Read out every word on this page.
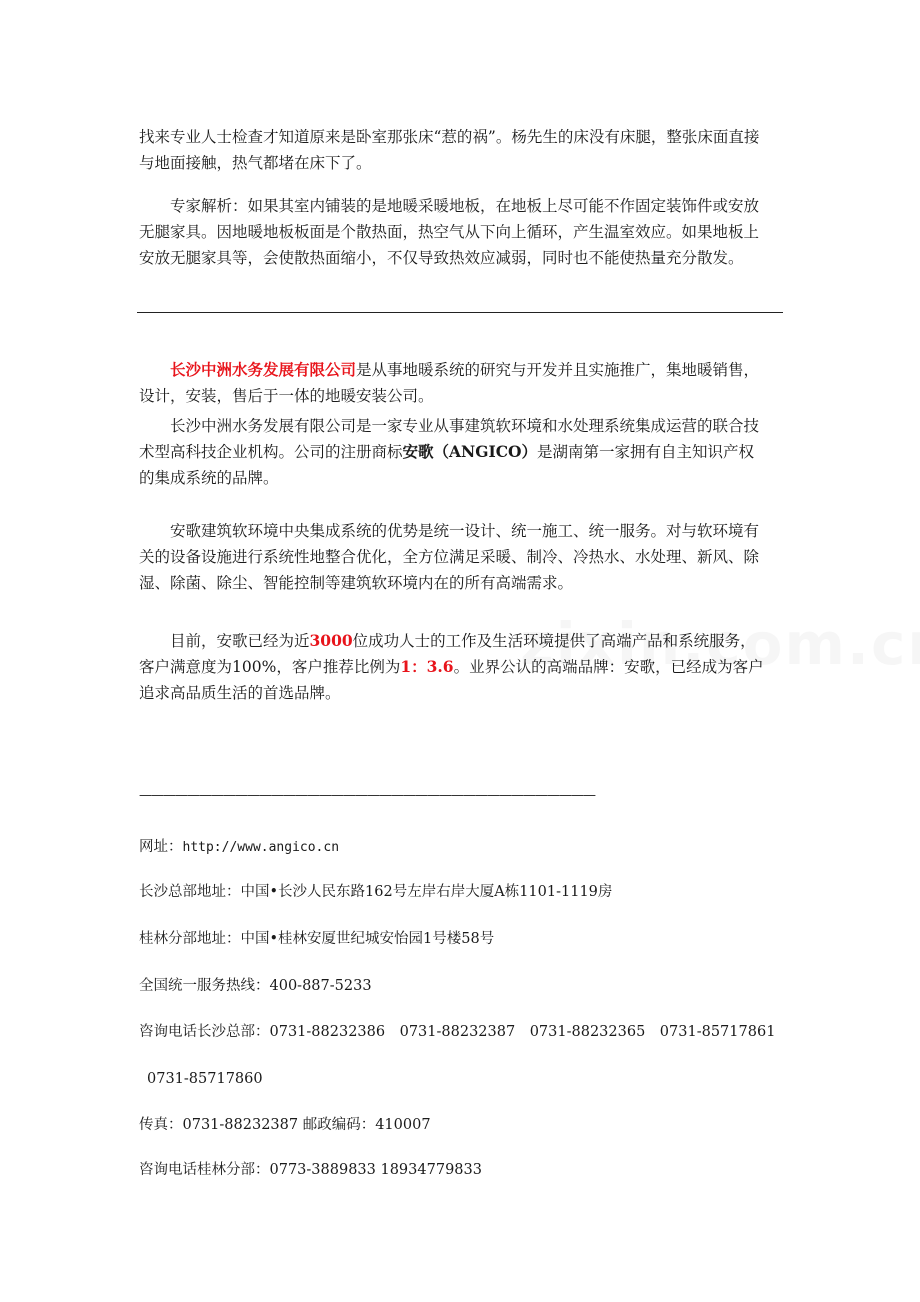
找来专业人士检查才知道原来是卧室那张床“惹的祸”。杨先生的床没有床腿，整张床面直接
与地面接触，热气都堵在床下了。
　　专家解析：如果其室内铺装的是地暖采暖地板，在地板上尽可能不作固定装饰件或安放
无腿家具。因地暖地板板面是个散热面，热空气从下向上循环，产生温室效应。如果地板上
安放无腿家具等，会使散热面缩小，不仅导致热效应减弱，同时也不能使热量充分散发。
　　长沙中洲水务发展有限公司是从事地暖系统的研究与开发并且实施推广，集地暖销售，
设计，安装，售后于一体的地暖安装公司。
　　长沙中洲水务发展有限公司是一家专业从事建筑软环境和水处理系统集成运营的联合技
术型高科技企业机构。公司的注册商标安歌（ANGICO）是湖南第一家拥有自主知识产权
的集成系统的品牌。
　　安歌建筑软环境中央集成系统的优势是统一设计、统一施工、统一服务。对与软环境有
关的设备设施进行系统性地整合优化，全方位满足采暖、制冷、冷热水、水处理、新风、除
湿、除菌、除尘、智能控制等建筑软环境内在的所有高端需求。
　　目前，安歌已经为近3000位成功人士的工作及生活环境提供了高端产品和系统服务，
客户满意度为100%，客户推荐比例为1：3.6。业界公认的高端品牌：安歌，已经成为客户
追求高品质生活的首选品牌。
——————————————————————————————————————
网址：http://www.angico.cn
长沙总部地址：中国•长沙人民东路162号左岸右岸大厦A栋1101-1119房
桂林分部地址：中国•桂林安厦世纪城安怡园1号楼58号
全国统一服务热线：400-887-5233
咨询电话长沙总部：0731-88232386　0731-88232387　0731-88232365　0731-85717861
0731-85717860
传真：0731-88232387 邮政编码：410007
咨询电话桂林分部：0773-3889833 18934779833
